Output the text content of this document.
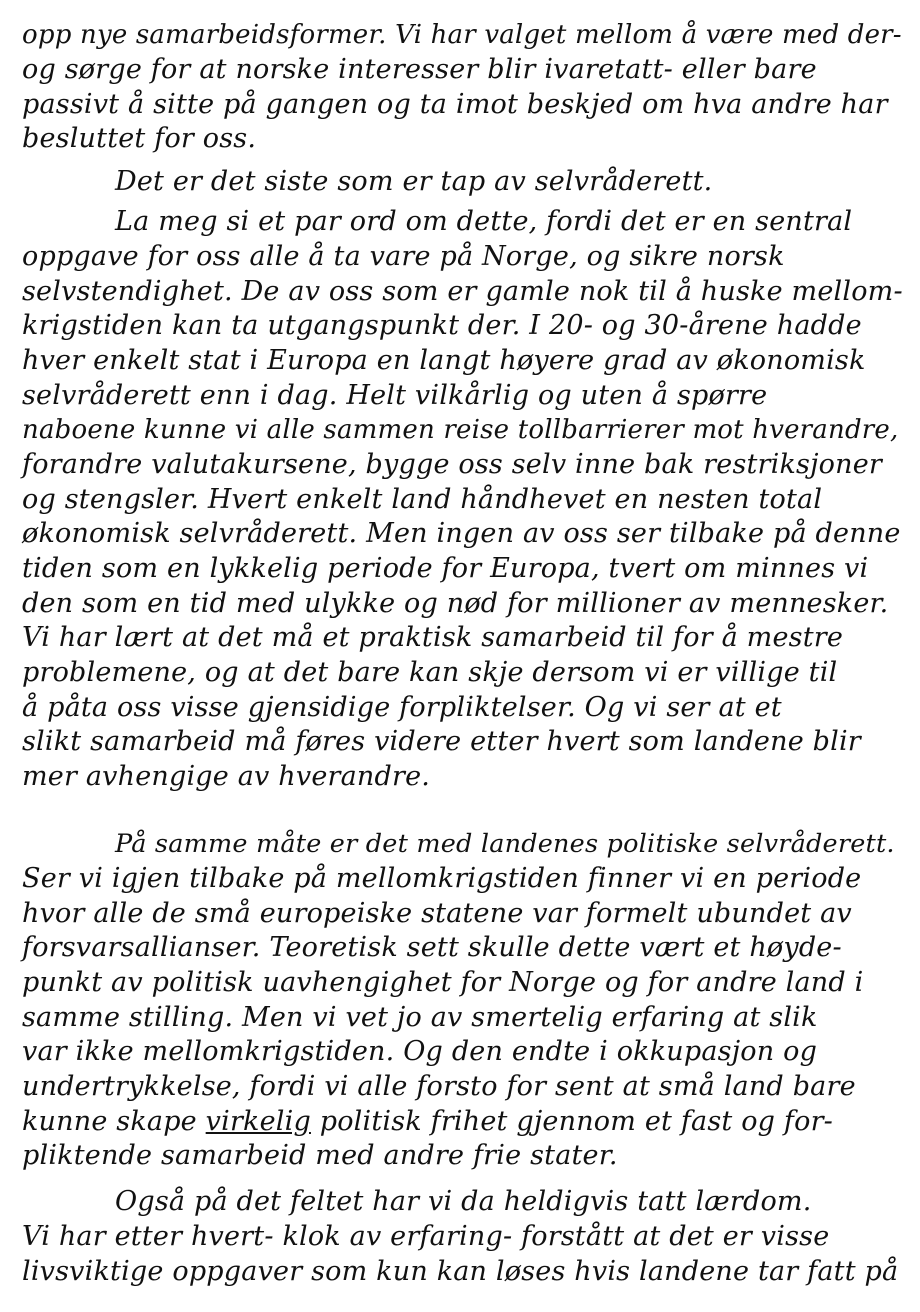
opp nye samarbeidsformer. Vi har valget mellom å være med der-

og sørge for at norske interesser blir ivaretatt- eller bare

passivt å sitte på gangen og ta imot beskjed om hva andre har

besluttet for oss.

Det er det siste som er tap av selvråderett.

La meg si et par ord om dette, fordi det er en sentral

oppgave for oss alle å ta vare på Norge, og sikre norsk

selvstendighet. De av oss som er gamle nok til å huske mellom-

krigstiden kan ta utgangspunkt der. I 20- og 30-årene hadde

hver enkelt stat i Europa en langt høyere grad av økonomisk

selvråderett enn i dag. Helt vilkårlig og uten å spørre

naboene kunne vi alle sammen reise tollbarrierer mot hverandre,

forandre valutakursene, bygge oss selv inne bak restriksjoner

og stengsler. Hvert enkelt land håndhevet en nesten total

økonomisk selvråderett. Men ingen av oss ser tilbake på denne

tiden som en lykkelig periode for Europa, tvert om minnes vi

den som en tid med ulykke og nød for millioner av mennesker.

Vi har lært at det må et praktisk samarbeid til for å mestre

problemene, og at det bare kan skje dersom vi er villige til

å påta oss visse gjensidige forpliktelser. Og vi ser at et

slikt samarbeid må føres videre etter hvert som landene blir

mer avhengige av hverandre.

På samme måte er det med landenes politiske selvråderett.

Ser vi igjen tilbake på mellomkrigstiden finner vi en periode

hvor alle de små europeiske statene var formelt ubundet av

forsvarsallianser. Teoretisk sett skulle dette vært et høyde-

punkt av politisk uavhengighet for Norge og for andre land i

samme stilling. Men vi vet jo av smertelig erfaring at slik

var ikke mellomkrigstiden. Og den endte i okkupasjon og

undertrykkelse, fordi vi alle forsto for sent at små land bare

kunne skape virkelig politisk frihet gjennom et fast og for-

pliktende samarbeid med andre frie stater.

Også på det feltet har vi da heldigvis tatt lærdom.

Vi har etter hvert- klok av erfaring- forstått at det er visse

livsviktige oppgaver som kun kan løses hvis landene tar fatt på
